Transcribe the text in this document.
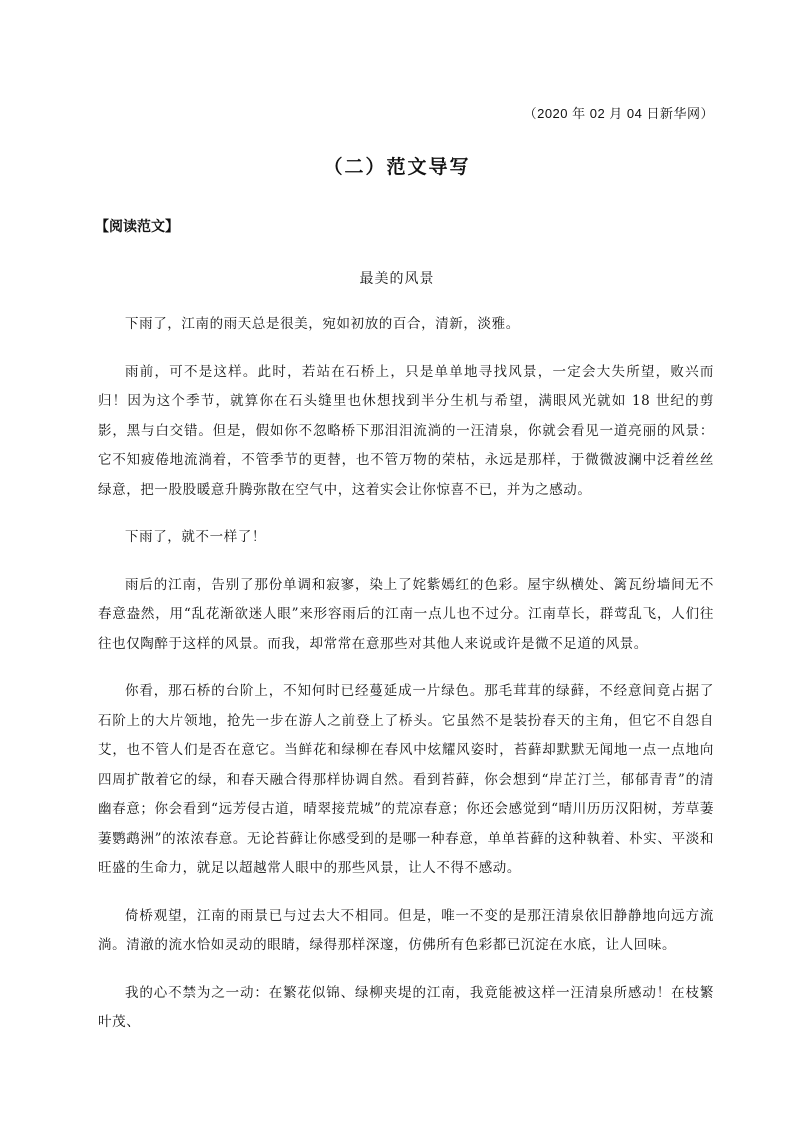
（2020 年 02 月 04 日新华网）
（二）范文导写
【阅读范文】
最美的风景

下雨了，江南的雨天总是很美，宛如初放的百合，清新，淡雅。

雨前，可不是这样。此时，若站在石桥上，只是单单地寻找风景，一定会大失所望，败兴而归！因为这个季节，就算你在石头缝里也休想找到半分生机与希望，满眼风光就如 18 世纪的剪影，黑与白交错。但是，假如你不忽略桥下那泪泪流淌的一汪清泉，你就会看见一道亮丽的风景：它不知疲倦地流淌着，不管季节的更替，也不管万物的荣枯，永远是那样，于微微波澜中泛着丝丝绿意，把一股股暖意升腾弥散在空气中，这着实会让你惊喜不已，并为之感动。

下雨了，就不一样了！

雨后的江南，告别了那份单调和寂寥，染上了姹紫嫣红的色彩。屋宇纵横处、篱瓦纷墙间无不春意盎然，用“乱花渐欲迷人眼”来形容雨后的江南一点儿也不过分。江南草长，群莺乱飞，人们往往也仅陶醉于这样的风景。而我，却常常在意那些对其他人来说或许是微不足道的风景。

你看，那石桥的台阶上，不知何时已经蔓延成一片绿色。那毛茸茸的绿藓，不经意间竟占据了石阶上的大片领地，抢先一步在游人之前登上了桥头。它虽然不是装扮春天的主角，但它不自怨自艾，也不管人们是否在意它。当鲜花和绿柳在春风中炫耀风姿时，苔藓却默默无闻地一点一点地向四周扩散着它的绿，和春天融合得那样协调自然。看到苔藓，你会想到“岸芷汀兰，郁郁青青”的清幽春意；你会看到“远芳侵古道，晴翠接荒城”的荒凉春意；你还会感觉到“晴川历历汉阳树，芳草萋萋鹦鹉洲”的浓浓春意。无论苔藓让你感受到的是哪一种春意，单单苔藓的这种執着、朴实、平淡和旺盛的生命力，就足以超越常人眼中的那些风景，让人不得不感动。

倚桥观望，江南的雨景已与过去大不相同。但是，唯一不变的是那汪清泉依旧静静地向远方流淌。清澈的流水恰如灵动的眼睛，绿得那样深邃，仿佛所有色彩都已沉淀在水底，让人回味。

我的心不禁为之一动：在繁花似锦、绿柳夹堤的江南，我竟能被这样一汪清泉所感动！在枝繁叶茂、
